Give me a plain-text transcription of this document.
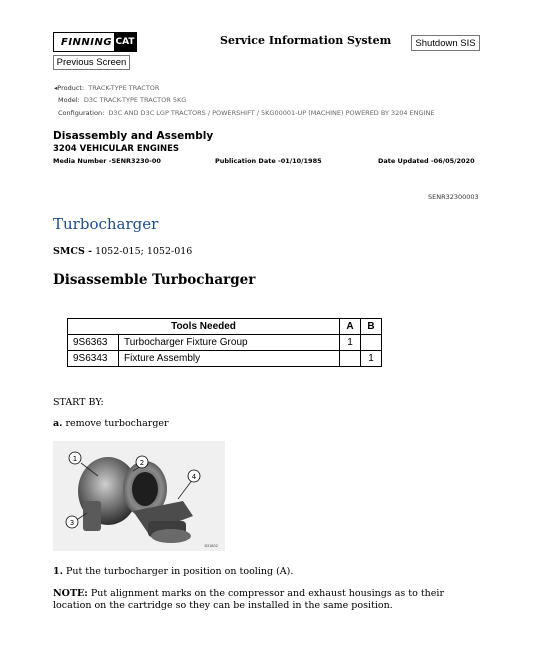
FINNING CAT	Service Information System	Shutdown SIS
Previous Screen
◂Product: TRACK-TYPE TRACTOR
Model: D3C TRACK-TYPE TRACTOR 5KG
Configuration: D3C AND D3C LGP TRACTORS / POWERSHIFT / 5KG00001-UP (MACHINE) POWERED BY 3204 ENGINE
Disassembly and Assembly
3204 VEHICULAR ENGINES
Media Number -SENR3230-00	Publication Date -01/10/1985	Date Updated -06/05/2020
SENR32300003
Turbocharger
SMCS - 1052-015; 1052-016
Disassemble Turbocharger
Tools Needed		A	B
9S6363	Turbocharger Fixture Group	1	
9S6343	Fixture Assembly		1
START BY:
a. remove turbocharger
1	2
3
4
B31802
1. Put the turbocharger in position on tooling (A).
NOTE: Put alignment marks on the compressor and exhaust housings as to their location on the cartridge so they can be installed in the same position.
